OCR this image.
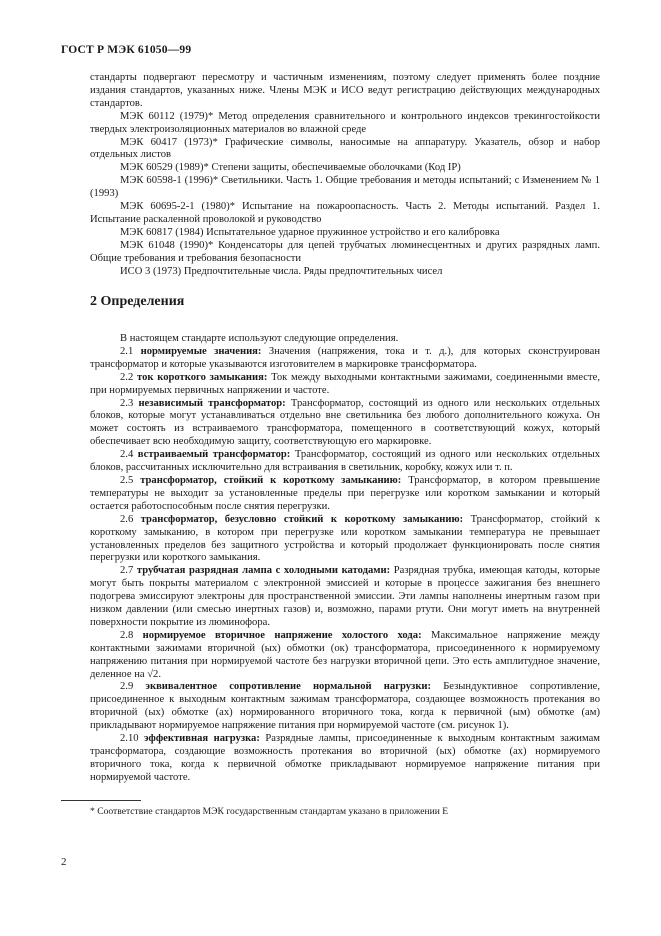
ГОСТ Р МЭК 61050—99

стандарты подвергают пересмотру и частичным изменениям, поэтому следует применять более поздние издания стандартов, указанных ниже. Члены МЭК и ИСО ведут регистрацию действующих международных стандартов.

МЭК 60112 (1979)* Метод определения сравнительного и контрольного индексов трекингостойкости твердых электроизоляционных материалов во влажной среде

МЭК 60417 (1973)* Графические символы, наносимые на аппаратуру. Указатель, обзор и набор отдельных листов

МЭК 60529 (1989)* Степени защиты, обеспечиваемые оболочками (Код IP)

МЭК 60598-1 (1996)* Светильники. Часть 1. Общие требования и методы испытаний; с Изменением № 1 (1993)

МЭК 60695-2-1 (1980)* Испытание на пожароопасность. Часть 2. Методы испытаний. Раздел 1. Испытание раскаленной проволокой и руководство

МЭК 60817 (1984) Испытательное ударное пружинное устройство и его калибровка

МЭК 61048 (1990)* Конденсаторы для цепей трубчатых люминесцентных и других разрядных ламп. Общие требования и требования безопасности

ИСО 3 (1973) Предпочтительные числа. Ряды предпочтительных чисел

2 Определения

В настоящем стандарте используют следующие определения.

2.1 нормируемые значения: Значения (напряжения, тока и т. д.), для которых сконструирован трансформатор и которые указываются изготовителем в маркировке трансформатора.

2.2 ток короткого замыкания: Ток между выходными контактными зажимами, соединенными вместе, при нормируемых первичных напряжении и частоте.

2.3 независимый трансформатор: Трансформатор, состоящий из одного или нескольких отдельных блоков, которые могут устанавливаться отдельно вне светильника без любого дополнительного кожуха. Он может состоять из встраиваемого трансформатора, помещенного в соответствующий кожух, который обеспечивает всю необходимую защиту, соответствующую его маркировке.

2.4 встраиваемый трансформатор: Трансформатор, состоящий из одного или нескольких отдельных блоков, рассчитанных исключительно для встраивания в светильник, коробку, кожух или т. п.

2.5 трансформатор, стойкий к короткому замыканию: Трансформатор, в котором превышение температуры не выходит за установленные пределы при перегрузке или коротком замыкании и который остается работоспособным после снятия перегрузки.

2.6 трансформатор, безусловно стойкий к короткому замыканию: Трансформатор, стойкий к короткому замыканию, в котором при перегрузке или коротком замыкании температура не превышает установленных пределов без защитного устройства и который продолжает функционировать после снятия перегрузки или короткого замыкания.

2.7 трубчатая разрядная лампа с холодными катодами: Разрядная трубка, имеющая катоды, которые могут быть покрыты материалом с электронной эмиссией и которые в процессе зажигания без внешнего подогрева эмиссируют электроны для пространственной эмиссии. Эти лампы наполнены инертным газом при низком давлении (или смесью инертных газов) и, возможно, парами ртути. Они могут иметь на внутренней поверхности покрытие из люминофора.

2.8 нормируемое вторичное напряжение холостого хода: Максимальное напряжение между контактными зажимами вторичной (ых) обмотки (ок) трансформатора, присоединенного к нормируемому напряжению питания при нормируемой частоте без нагрузки вторичной цепи. Это есть амплитудное значение, деленное на √2.

2.9 эквивалентное сопротивление нормальной нагрузки: Безындуктивное сопротивление, присоединенное к выходным контактным зажимам трансформатора, создающее возможность протекания во вторичной (ых) обмотке (ах) нормированного вторичного тока, когда к первичной (ым) обмотке (ам) прикладывают нормируемое напряжение питания при нормируемой частоте (см. рисунок 1).

2.10 эффективная нагрузка: Разрядные лампы, присоединенные к выходным контактным зажимам трансформатора, создающие возможность протекания во вторичной (ых) обмотке (ах) нормируемого вторичного тока, когда к первичной обмотке прикладывают нормируемое напряжение питания при нормируемой частоте.

* Соответствие стандартов МЭК государственным стандартам указано в приложении Е
2
